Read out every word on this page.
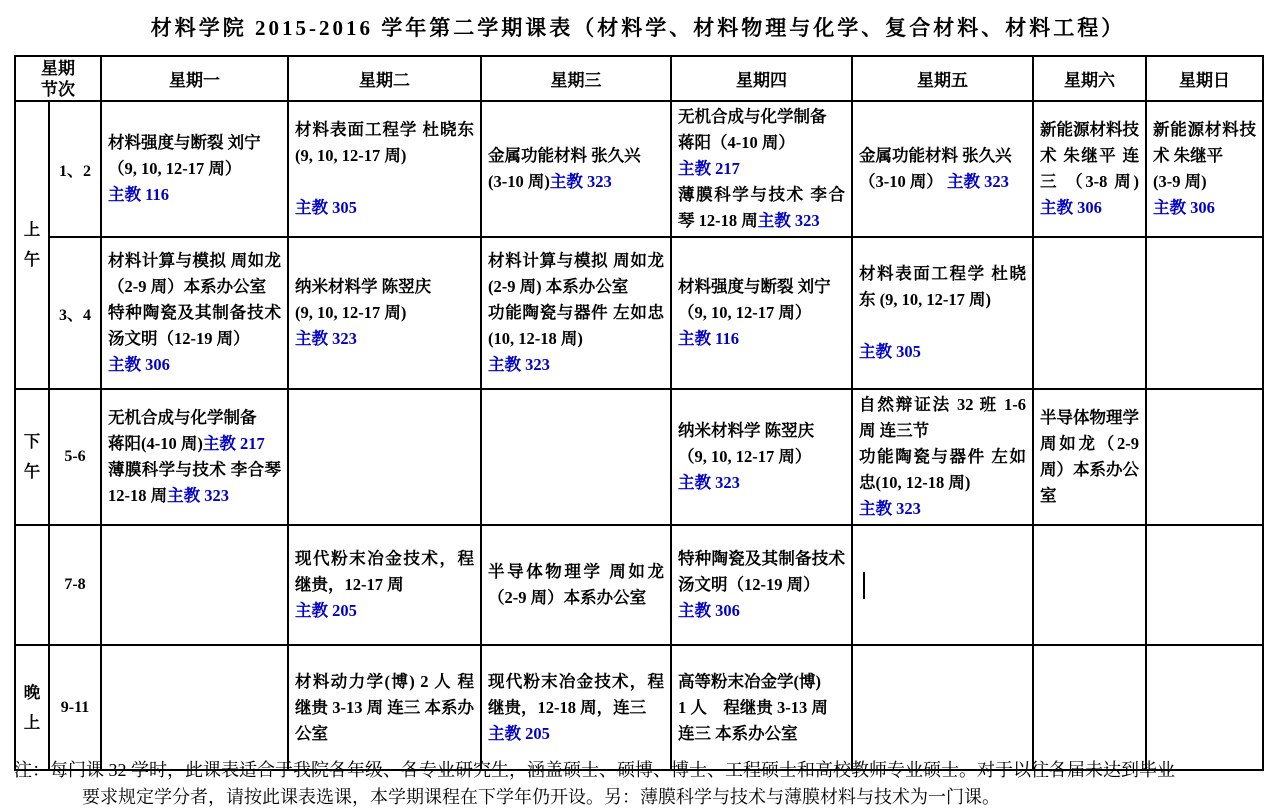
材料学院 2015-2016 学年第二学期课表（材料学、材料物理与化学、复合材料、材料工程）
星期
节次		星期一	星期二	星期三	星期四	星期五	星期六	星期日

上
午	1、2	材料强度与断裂 刘宁
（9, 10, 12-17 周）
主教 116	材料表面工程学 杜晓东 (9, 10, 12-17 周)

主教 305	金属功能材料 张久兴
(3-10 周)主教 323	无机合成与化学制备
蒋阳（4-10 周）
主教 217
薄膜科学与技术 李合琴 12-18 周主教 323	金属功能材料 张久兴
（3-10 周） 主教 323	新能源材料技术 朱继平 连三 （3-8 周) 主教 306	新能源材料技术 朱继平
(3-9 周)
主教 306
	3、4	材料计算与模拟 周如龙（2-9 周）本系办公室
特种陶瓷及其制备技术 汤文明（12-19 周）
主教 306	纳米材料学 陈翌庆
(9, 10, 12-17 周)
主教 323	材料计算与模拟 周如龙(2-9 周) 本系办公室
功能陶瓷与器件 左如忠(10, 12-18 周)
主教 323	材料强度与断裂 刘宁
（9, 10, 12-17 周）
主教 116	材料表面工程学 杜晓东 (9, 10, 12-17 周)

主教 305		

下
午	5-6	无机合成与化学制备
蒋阳(4-10 周)主教 217
薄膜科学与技术 李合琴 12-18 周主教 323			纳米材料学 陈翌庆
（9, 10, 12-17 周）
主教 323	自然辩证法 32 班 1-6 周 连三节
功能陶瓷与器件 左如忠(10, 12-18 周)
主教 323	半导体物理学 周如龙（2-9 周）本系办公室	
	7-8		现代粉末冶金技术，程继贵，12-17 周
主教 205	半导体物理学 周如龙（2-9 周）本系办公室	特种陶瓷及其制备技术汤文明（12-19 周）
主教 306			

晚
上	9-11		材料动力学(博) 2 人 程继贵 3-13 周 连三 本系办公室	现代粉末冶金技术，程继贵，12-18 周，连三
主教 205	高等粉末冶金学(博)
1 人　程继贵 3-13 周
连三 本系办公室			
注：每门课 32 学时，此课表适合于我院各年级、各专业研究生，涵盖硕士、硕博、博士、工程硕士和高校教师专业硕士。对于以往各届未达到毕业
要求规定学分者，请按此课表选课，本学期课程在下学年仍开设。另：薄膜科学与技术与薄膜材料与技术为一门课。
